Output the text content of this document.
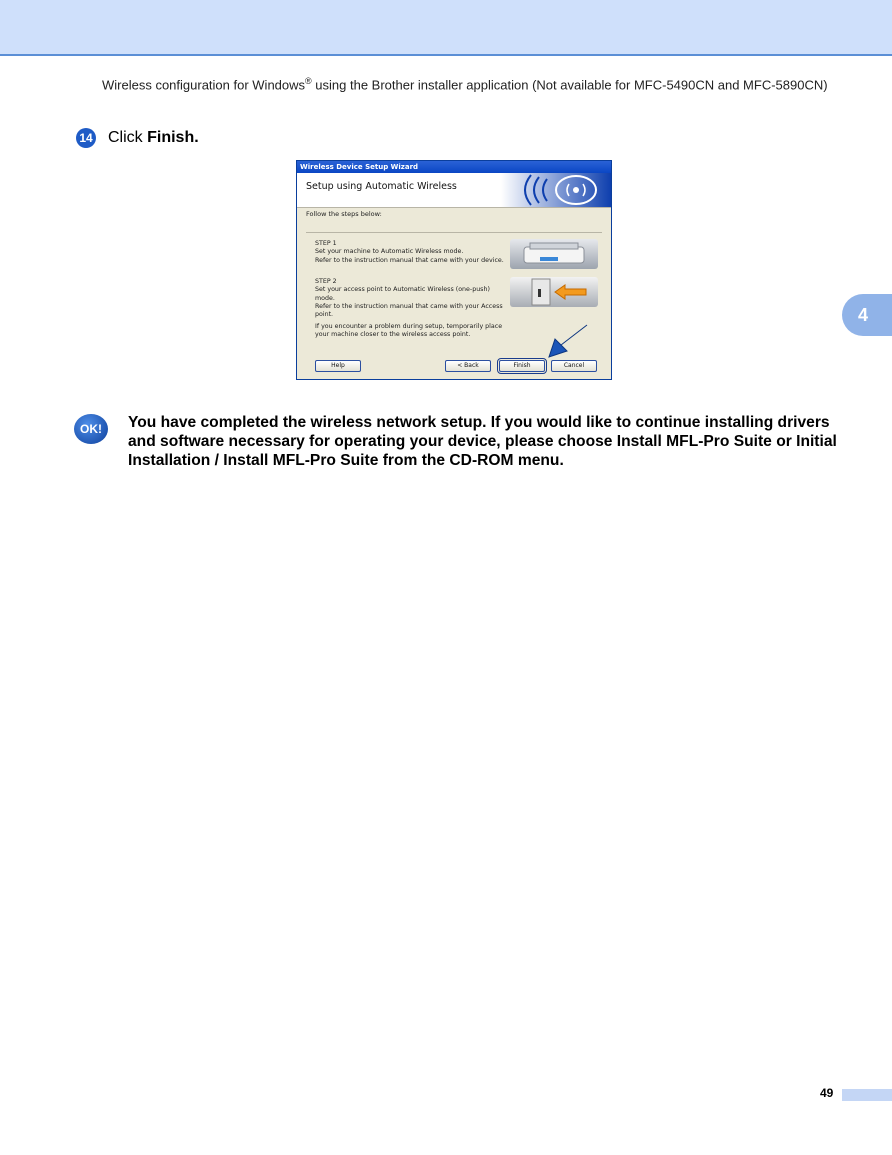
Wireless configuration for Windows® using the Brother installer application (Not available for MFC-5490CN and MFC-5890CN)
14 Click Finish.
Wireless Device Setup Wizard
Setup using Automatic Wireless
Follow the steps below:
STEP 1
Set your machine to Automatic Wireless mode.
Refer to the instruction manual that came with your device.
STEP 2
Set your access point to Automatic Wireless (one-push) mode.
Refer to the instruction manual that came with your Access
point.
If you encounter a problem during setup, temporarily place
your machine closer to the wireless access point.
Help	< Back	Finish	Cancel
4
OK!	You have completed the wireless network setup. If you would like to continue installing drivers and software necessary for operating your device, please choose Install MFL-Pro Suite or Initial Installation / Install MFL-Pro Suite from the CD-ROM menu.
49
